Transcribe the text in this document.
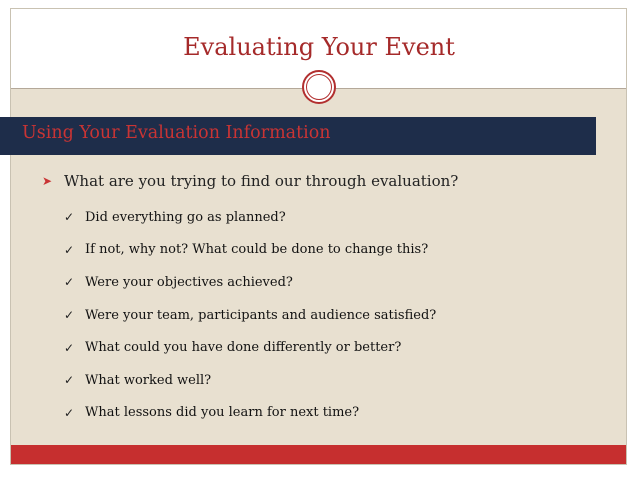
Evaluating Your Event
Using Your Evaluation Information
➤ What are you trying to find our through evaluation?
✓ Did everything go as planned?
✓ If not, why not? What could be done to change this?
✓ Were your objectives achieved?
✓ Were your team, participants and audience satisfied?
✓ What could you have done differently or better?
✓ What worked well?
✓ What lessons did you learn for next time?
